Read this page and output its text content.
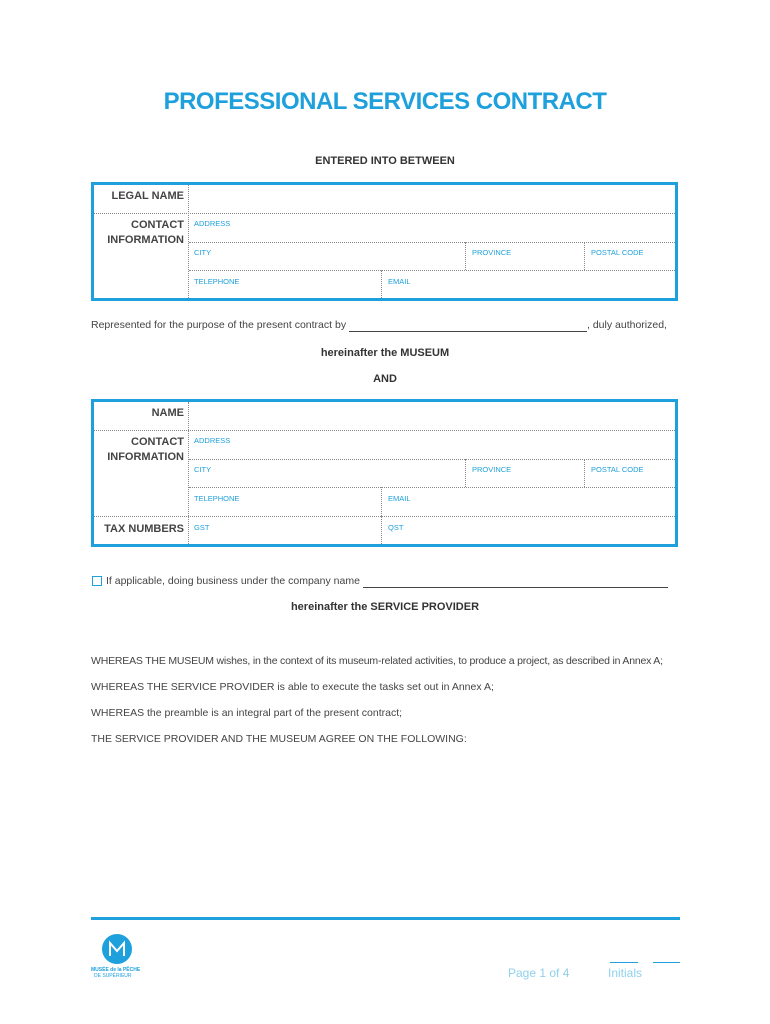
PROFESSIONAL SERVICES CONTRACT
ENTERED INTO BETWEEN
LEGAL NAME
CONTACT
INFORMATION
ADDRESS
CITY	PROVINCE	POSTAL CODE
TELEPHONE	EMAIL
Represented for the purpose of the present contract by	, duly authorized,
hereinafter the MUSEUM
AND
NAME
CONTACT
INFORMATION
ADDRESS
CITY	PROVINCE	POSTAL CODE
TELEPHONE	EMAIL
TAX NUMBERS GST	QST
If applicable, doing business under the company name
hereinafter the SERVICE PROVIDER
WHEREAS THE MUSEUM wishes, in the context of its museum-related activities, to produce a project, as described in Annex A;
WHEREAS THE SERVICE PROVIDER is able to execute the tasks set out in Annex A;
WHEREAS the preamble is an integral part of the present contract;
THE SERVICE PROVIDER AND THE MUSEUM AGREE ON THE FOLLOWING:
MUSÉE de la PÊCHE
DE SUPÉRIEUR	Page 1 of 4	Initials
